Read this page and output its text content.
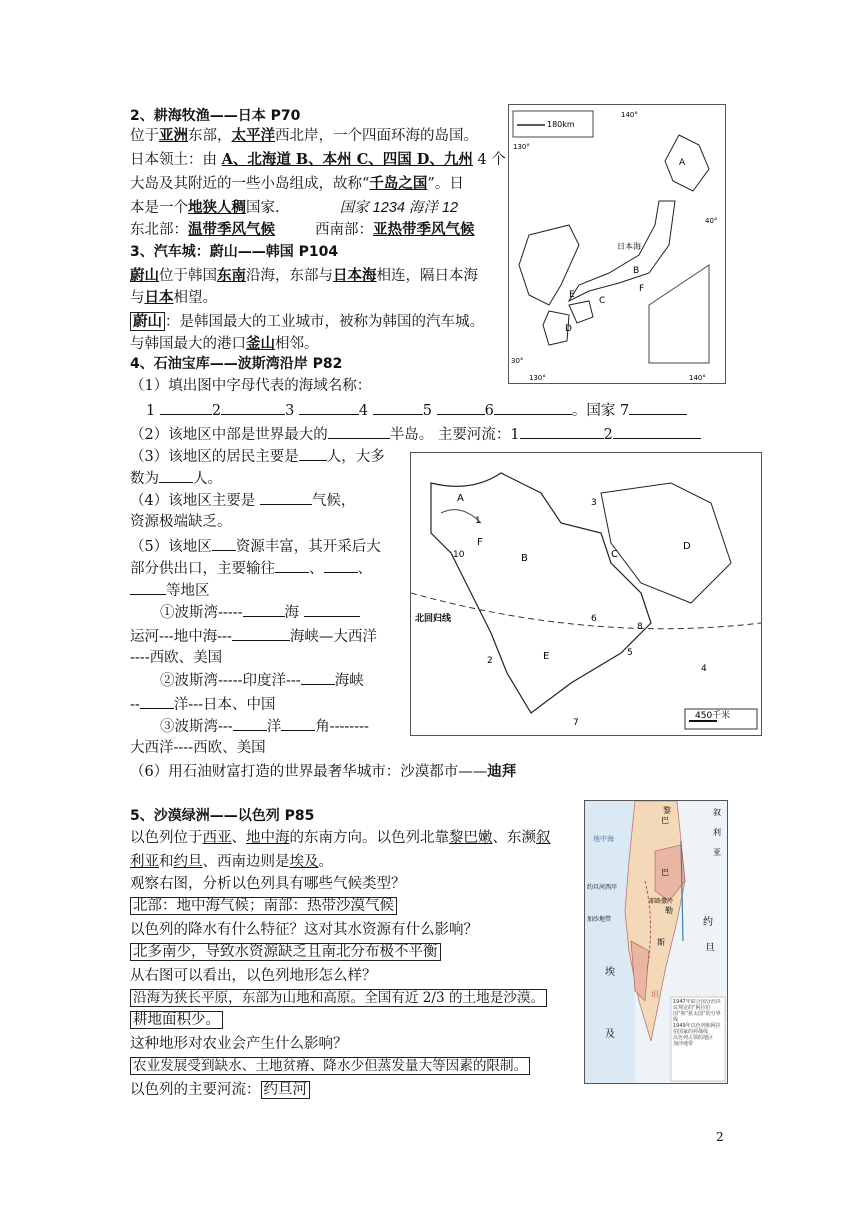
2、耕海牧渔——日本 P70
位于亚洲东部，太平洋西北岸，一个四面环海的岛国。
日本领土：由 A、北海道 B、本州 C、四国 D、九州 4 个
大岛及其附近的一些小岛组成，故称“千岛之国”。日
本是一个地狭人稠国家.	国家 1234 海洋 12
东北部：温带季风气候	西南部：亚热带季风气候
180km
130°
140°
40°
30°
130°	140°
A
B
C
D
E
F
日本海
3、汽车城：蔚山——韩国 P104
蔚山位于韩国东南沿海，东部与日本海相连，隔日本海
与日本相望。
蔚山 ：是韩国最大的工业城市，被称为韩国的汽车城。
与韩国最大的港口釜山相邻。
4、石油宝库——波斯湾沿岸 P82
（1）填出图中字母代表的海域名称：
1	2	3	4	5	6	。国家 7
（2）该地区中部是世界最大的	半岛。 主要河流：1	2
（3）该地区的居民主要是 人，大多
数为 人。
（4）该地区主要是	气候，
资源极端缺乏。
（5）该地区 资源丰富，其开采后大
部分供出口，主要输往 、 、
等地区
①波斯湾-----	海
运河---地中海---	海峡—大西洋
----西欧、美国
②波斯湾-----印度洋--- 海峡
-- 洋---日本、中国
③波斯湾--- 洋 角--------
大西洋----西欧、美国
（6）用石油财富打造的世界最奢华城市：沙漠都市——迪拜
北回归线
450千米
A
B	C
D
E
F
1
2
3
4
5
6
7
8
10
5、沙漠绿洲——以色列 P85
以色列位于西亚、地中海的东南方向。以色列北靠黎巴嫩、东濒叙
利亚和约旦、西南边则是埃及。
观察右图，分析以色列具有哪些气候类型？
北部：地中海气候；南部：热带沙漠气候
以色列的降水有什么特征？这对其水资源有什么影响？
北多南少，导致水资源缺乏且南北分布极不平衡
从右图可以看出，以色列地形怎么样？
沿海为狭长平原，东部为山地和高原。全国有近 2/3 的土地是沙漠。
耕地面积少。
这种地形对农业会产生什么影响？
农业发展受到缺水、土地贫瘠、降水少但蒸发量大等因素的限制。
以色列的主要河流： 约旦河
地中海
黎
巴
叙
利
亚
约
旦
埃
及
巴
勒
斯
坦
约旦河西岸
加沙地带
耶路撒冷
1947年联合国分治决议规定的“阿拉伯国”和“犹太国”的分界线
1949年以色列和阿拉伯国家的停战线
以色列占领的地区
加沙地带
2
